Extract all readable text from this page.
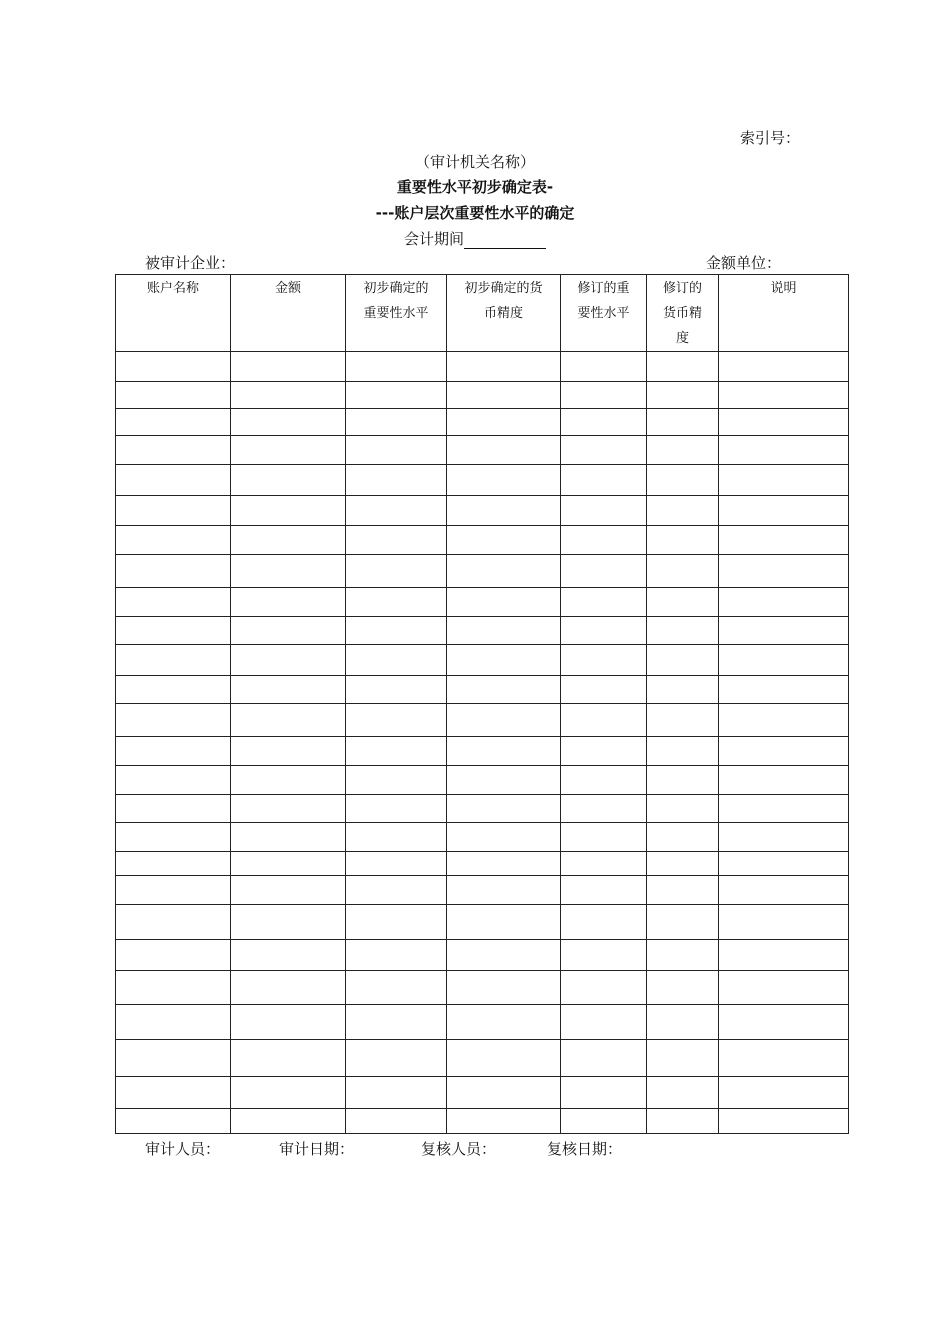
索引号：
（审计机关名称）
重要性水平初步确定表-
---账户层次重要性水平的确定
会计期间
被审计企业：	金额单位：
账户名称	金额	初步确定的重要性水平	初步确定的货币精度	修订的重要性水平	修订的货币精度	说明

审计人员：	审计日期：	复核人员：	复核日期：
